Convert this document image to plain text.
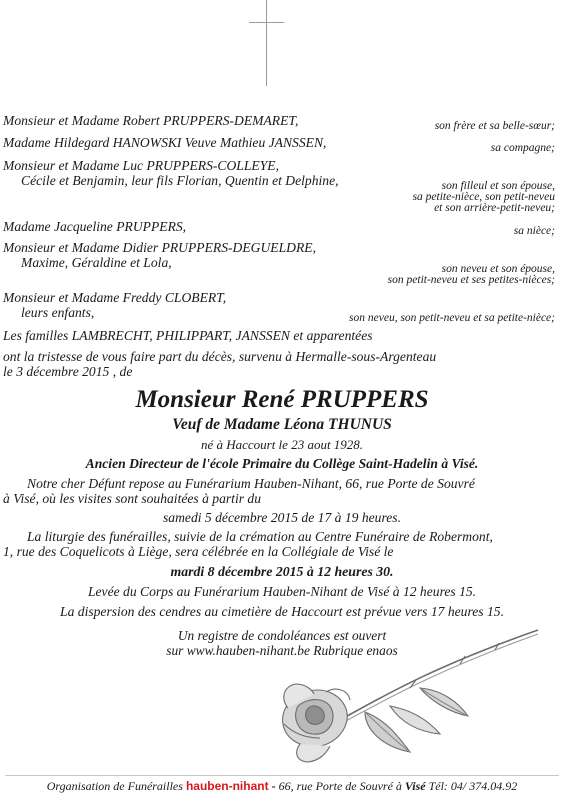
Monsieur et Madame Robert PRUPPERS-DEMARET,	son frère et sa belle-sœur;
Madame Hildegard HANOWSKI Veuve Mathieu JANSSEN,	sa compagne;
Monsieur et Madame Luc PRUPPERS-COLLEYE,
Cécile et Benjamin, leur fils Florian, Quentin et Delphine,	son filleul et son épouse,
sa petite-nièce, son petit-neveu
et son arrière-petit-neveu;
Madame Jacqueline PRUPPERS,	sa nièce;
Monsieur et Madame Didier PRUPPERS-DEGUELDRE,
Maxime, Géraldine et Lola,	son neveu et son épouse,
son petit-neveu et ses petites-nièces;
Monsieur et Madame Freddy CLOBERT,
leurs enfants,	son neveu, son petit-neveu et sa petite-nièce;
Les familles LAMBRECHT, PHILIPPART, JANSSEN et apparentées
ont la tristesse de vous faire part du décès, survenu à Hermalle-sous-Argenteau
le 3 décembre 2015 , de
Monsieur René PRUPPERS
Veuf de Madame Léona THUNUS
né à Haccourt le 23 aout 1928.
Ancien Directeur de l'école Primaire du Collège Saint-Hadelin à Visé.
Notre cher Défunt repose au Funérarium Hauben-Nihant, 66, rue Porte de Souvré
à Visé, où les visites sont souhaitées à partir du
samedi 5 décembre 2015 de 17 à 19 heures.
La liturgie des funérailles, suivie de la crémation au Centre Funéraire de Robermont,
1, rue des Coquelicots à Liège, sera célébrée en la Collégiale de Visé le
mardi 8 décembre 2015 à 12 heures 30.
Levée du Corps au Funérarium Hauben-Nihant de Visé à 12 heures 15.
La dispersion des cendres au cimetière de Haccourt est prévue vers 17 heures 15.
Un registre de condoléances est ouvert
sur www.hauben-nihant.be Rubrique enaos
Organisation de Funérailles hauben-nihant - 66, rue Porte de Souvré à Visé Tél: 04/ 374.04.92
